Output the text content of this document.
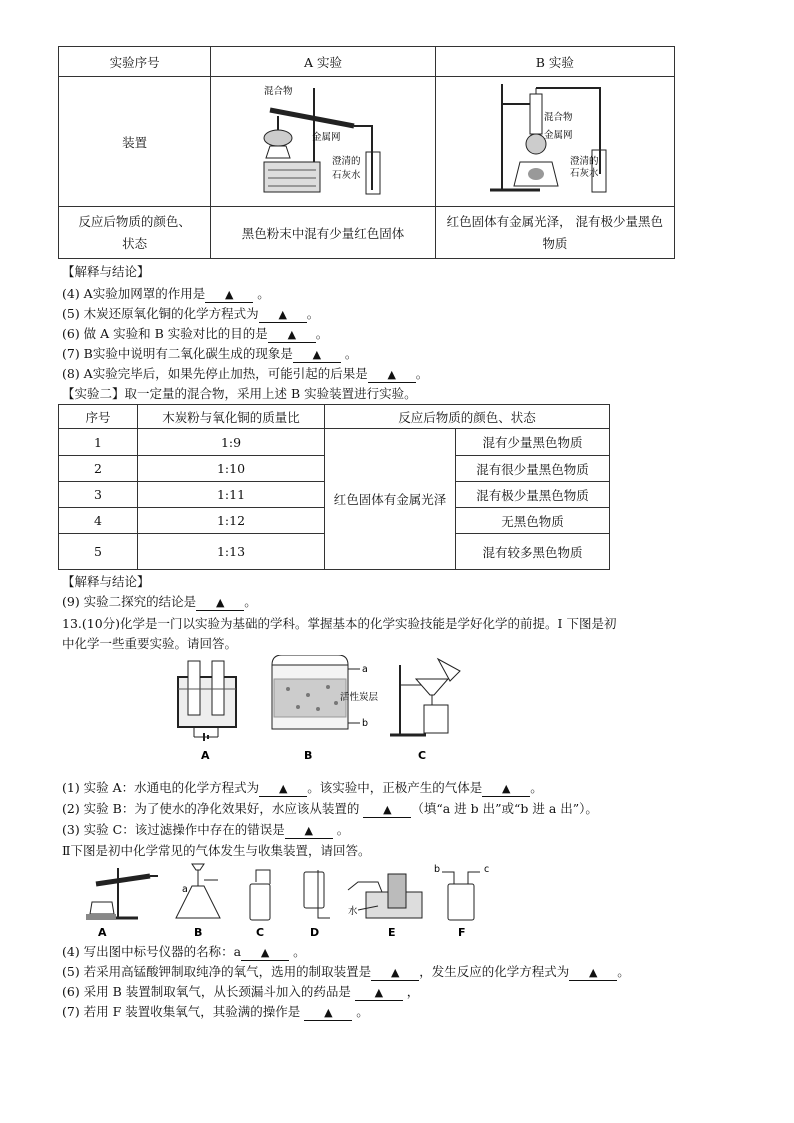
实验序号	A 实验	B 实验
装置	混合物
金属网
澄清的
石灰水	混合物
金属网
澄清的
石灰水

反应后物质的颜色、状态	黑色粉末中混有少量红色固体	红色固体有金属光泽， 混有极少量黑色物质
【解释与结论】
(4) A实验加网罩的作用是 ▲ 。
(5) 木炭还原氧化铜的化学方程式为 ▲ 。
(6) 做 A 实验和 B 实验对比的目的是 ▲ 。
(7) B实验中说明有二氧化碳生成的现象是 ▲ 。
(8) A实验完毕后，如果先停止加热，可能引起的后果是 ▲ 。
【实验二】取一定量的混合物，采用上述 B 实验装置进行实验。
序号	木炭粉与氧化铜的质量比	反应后物质的颜色、状态	
1	1:9	红色固体有金属光泽	混有少量黑色物质
2	1:10		混有很少量黑色物质
3	1:11		混有极少量黑色物质
4	1:12		无黑色物质
5	1:13		混有较多黑色物质
【解释与结论】
(9) 实验二探究的结论是 ▲ 。
13.(10分)化学是一门以实验为基础的学科。掌握基本的化学实验技能是学好化学的前提。I 下图是初
中化学一些重要实验。请回答。
A
a
活性炭层
b
B	C
(1) 实验 A：水通电的化学方程式为 ▲ 。该实验中，正极产生的气体是 ▲ 。
(2) 实验 B：为了使水的净化效果好，水应该从装置的 ▲ （填“a 进 b 出”或“b 进 a 出”）。
(3) 实验 C：该过滤操作中存在的错误是 ▲ 。
Ⅱ下图是初中化学常见的气体发生与收集装置，请回答。
A
a
B	C	D
水
E
b	c
F
(4) 写出图中标号仪器的名称：a ▲ 。
(5) 若采用高锰酸钾制取纯净的氧气，选用的制取装置是 ▲ ，发生反应的化学方程式为 ▲ 。
(6) 采用 B 装置制取氧气，从长颈漏斗加入的药品是 ▲ ，
(7) 若用 F 装置收集氧气，其验满的操作是 ▲ 。
